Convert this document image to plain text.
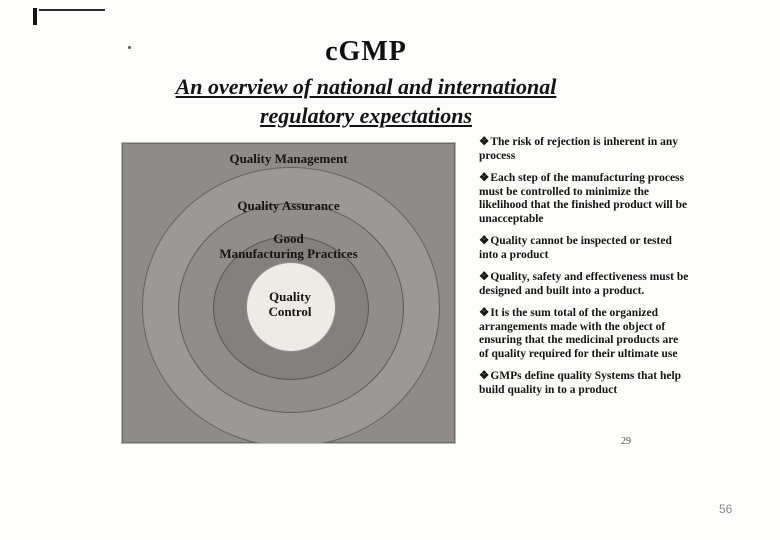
cGMP
An overview of national and international
regulatory expectations
Quality Management
Quality Assurance
Good
Manufacturing Practices
Quality Control
❖The risk of rejection is inherent in any process
❖Each step of the manufacturing process must be controlled to minimize the likelihood that the finished product will be unacceptable
❖Quality cannot be inspected or tested into a product
❖Quality, safety and effectiveness must be designed and built into a product.
❖It is the sum total of the organized arrangements made with the object of ensuring that the medicinal products are of quality required for their ultimate use
❖GMPs define quality Systems that help build quality in to a product
29
56
